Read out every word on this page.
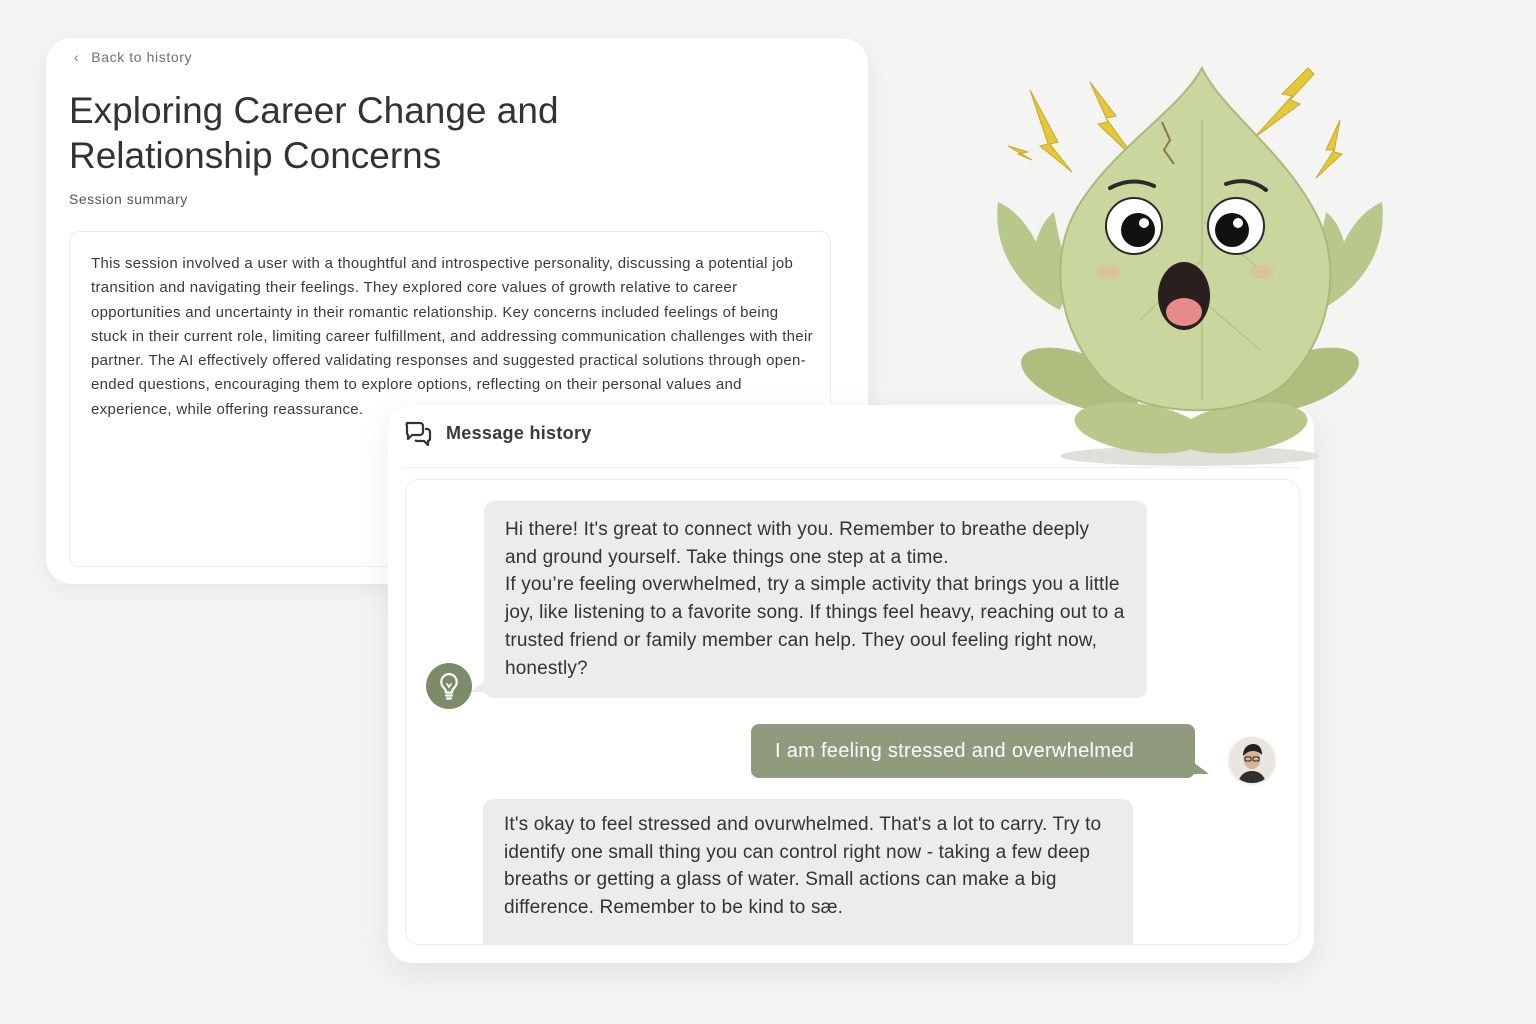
‹ Back to history
Exploring Career Change and Relationship Concerns
Session summary

This session involved a user with a thoughtful and introspective personality, discussing a potential job transition and navigating their feelings. They explored core values of growth relative to career opportunities and uncertainty in their romantic relationship. Key concerns included feelings of being stuck in their current role, limiting career fulfillment, and addressing communication challenges with their partner. The AI effectively offered validating responses and suggested practical solutions through open-ended questions, encouraging them to explore options, reflecting on their personal values and experience, while offering reassurance.

Message history

Hi there! It's great to connect with you. Remember to breathe deeply and ground yourself. Take things one step at a time.
If you’re feeling overwhelmed, try a simple activity that brings you a little joy, like listening to a favorite song. If things feel heavy, reaching out to a trusted friend or family member can help. They ooul feeling right now, honestly?

I am feeling stressed and overwhelmed

It's okay to feel stressed and ovurwhelmed. That's a lot to carry. Try to identify one small thing you can control right now - taking a few deep breaths or getting a glass of water. Small actions can make a big difference. Remember to be kind to sæ.
